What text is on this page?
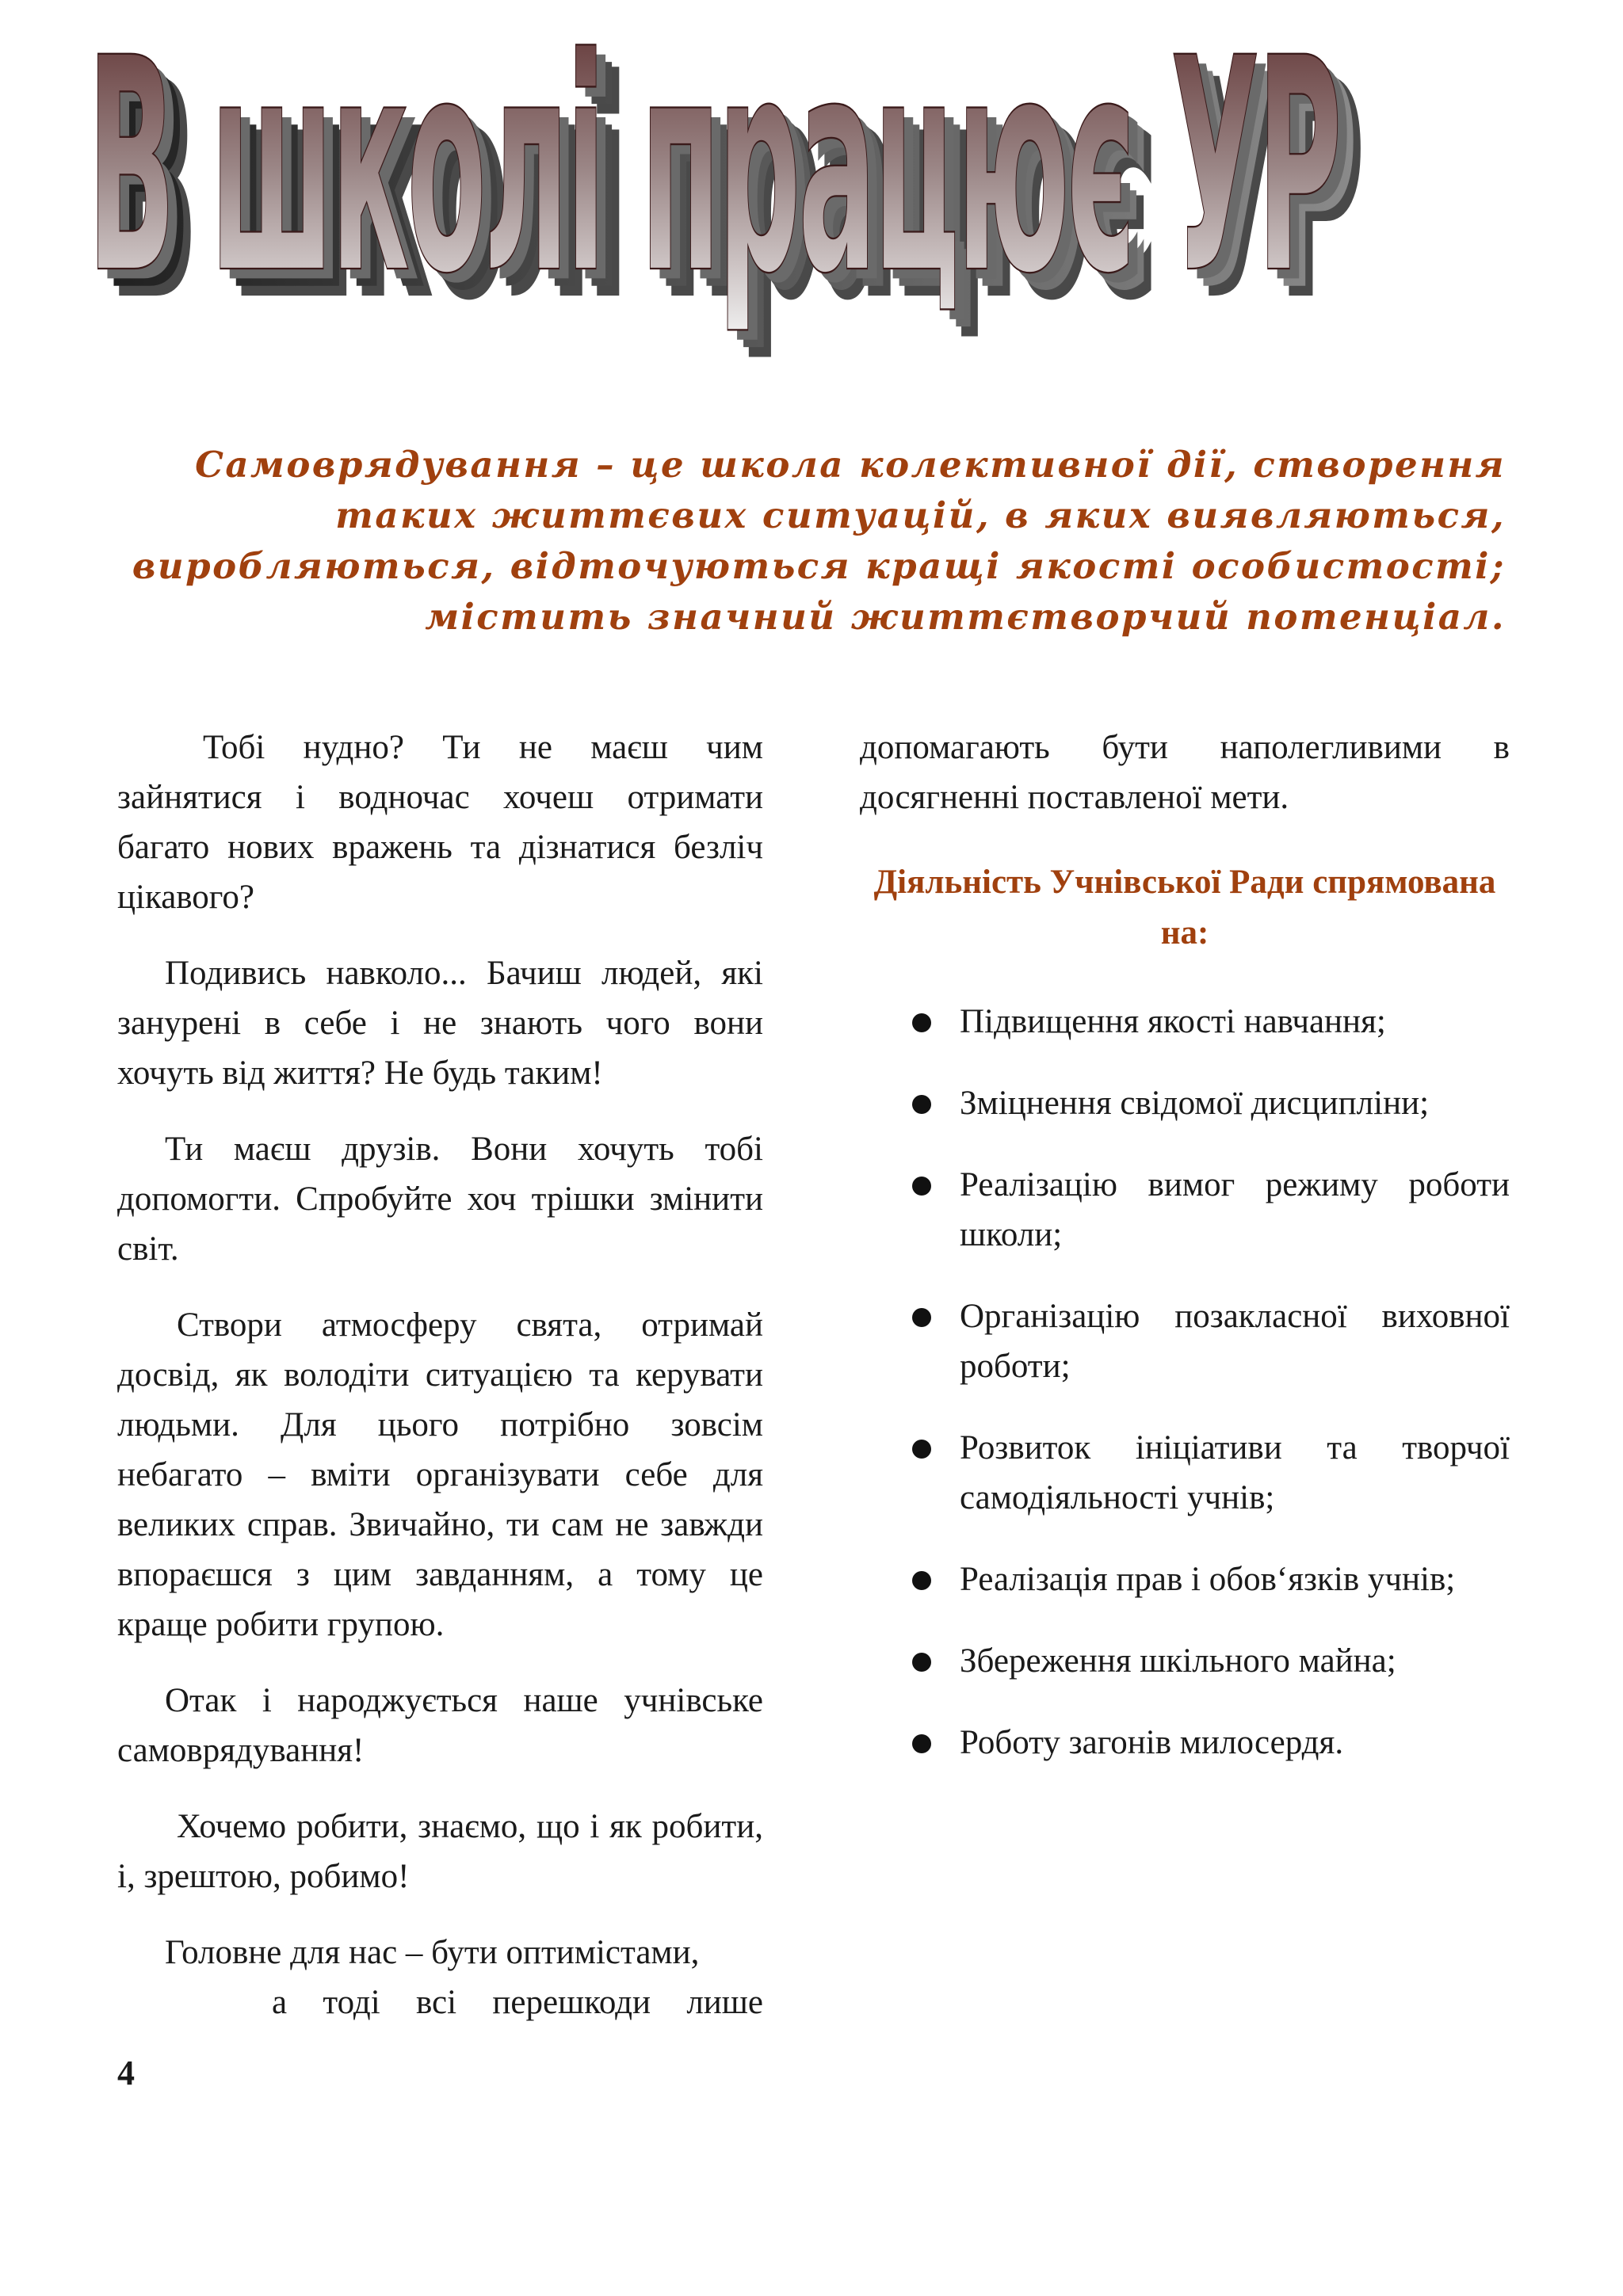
В школі працює УР
В школі працює УР
В школі працює УР
В школі працює УР
Самоврядування – це школа колективної дії, створення таких життєвих ситуацій, в яких виявляються, виробляються, відточуються кращі якості особистості; містить значний життєтворчий потенціал.

Тобі нудно? Ти не маєш чим зайнятися і водночас хочеш отримати багато нових вражень та дізнатися безліч цікавого?

Подивись навколо... Бачиш людей, які занурені в себе і не знають чого вони хочуть від життя? Не будь таким!

Ти маєш друзів. Вони хочуть тобі допомогти. Спробуйте хоч трішки змінити світ.

Створи атмосферу свята, отримай досвід, як володіти ситуацією та керувати людьми. Для цього потрібно зовсім небагато – вміти організувати себе для великих справ. Звичайно, ти сам не завжди впораєшся з цим завданням, а тому це краще робити групою.

Отак і народжується наше учнівське самоврядування!

Хочемо робити, знаємо, що і як робити, і, зрештою, робимо!

Головне для нас – бути оптимістами,

а тоді всі перешкоди лише

4

допомагають бути наполегливими в досягненні поставленої мети.

Діяльність Учнівської Ради спрямована на:

Підвищення якості навчання;
Зміцнення свідомої дисципліни;
Реалізацію вимог режиму роботи школи;
Організацію позакласної виховної роботи;
Розвиток ініціативи та творчої самодіяльності учнів;
Реалізація прав і обов‘язків учнів;
Збереження шкільного майна;
Роботу загонів милосердя.
